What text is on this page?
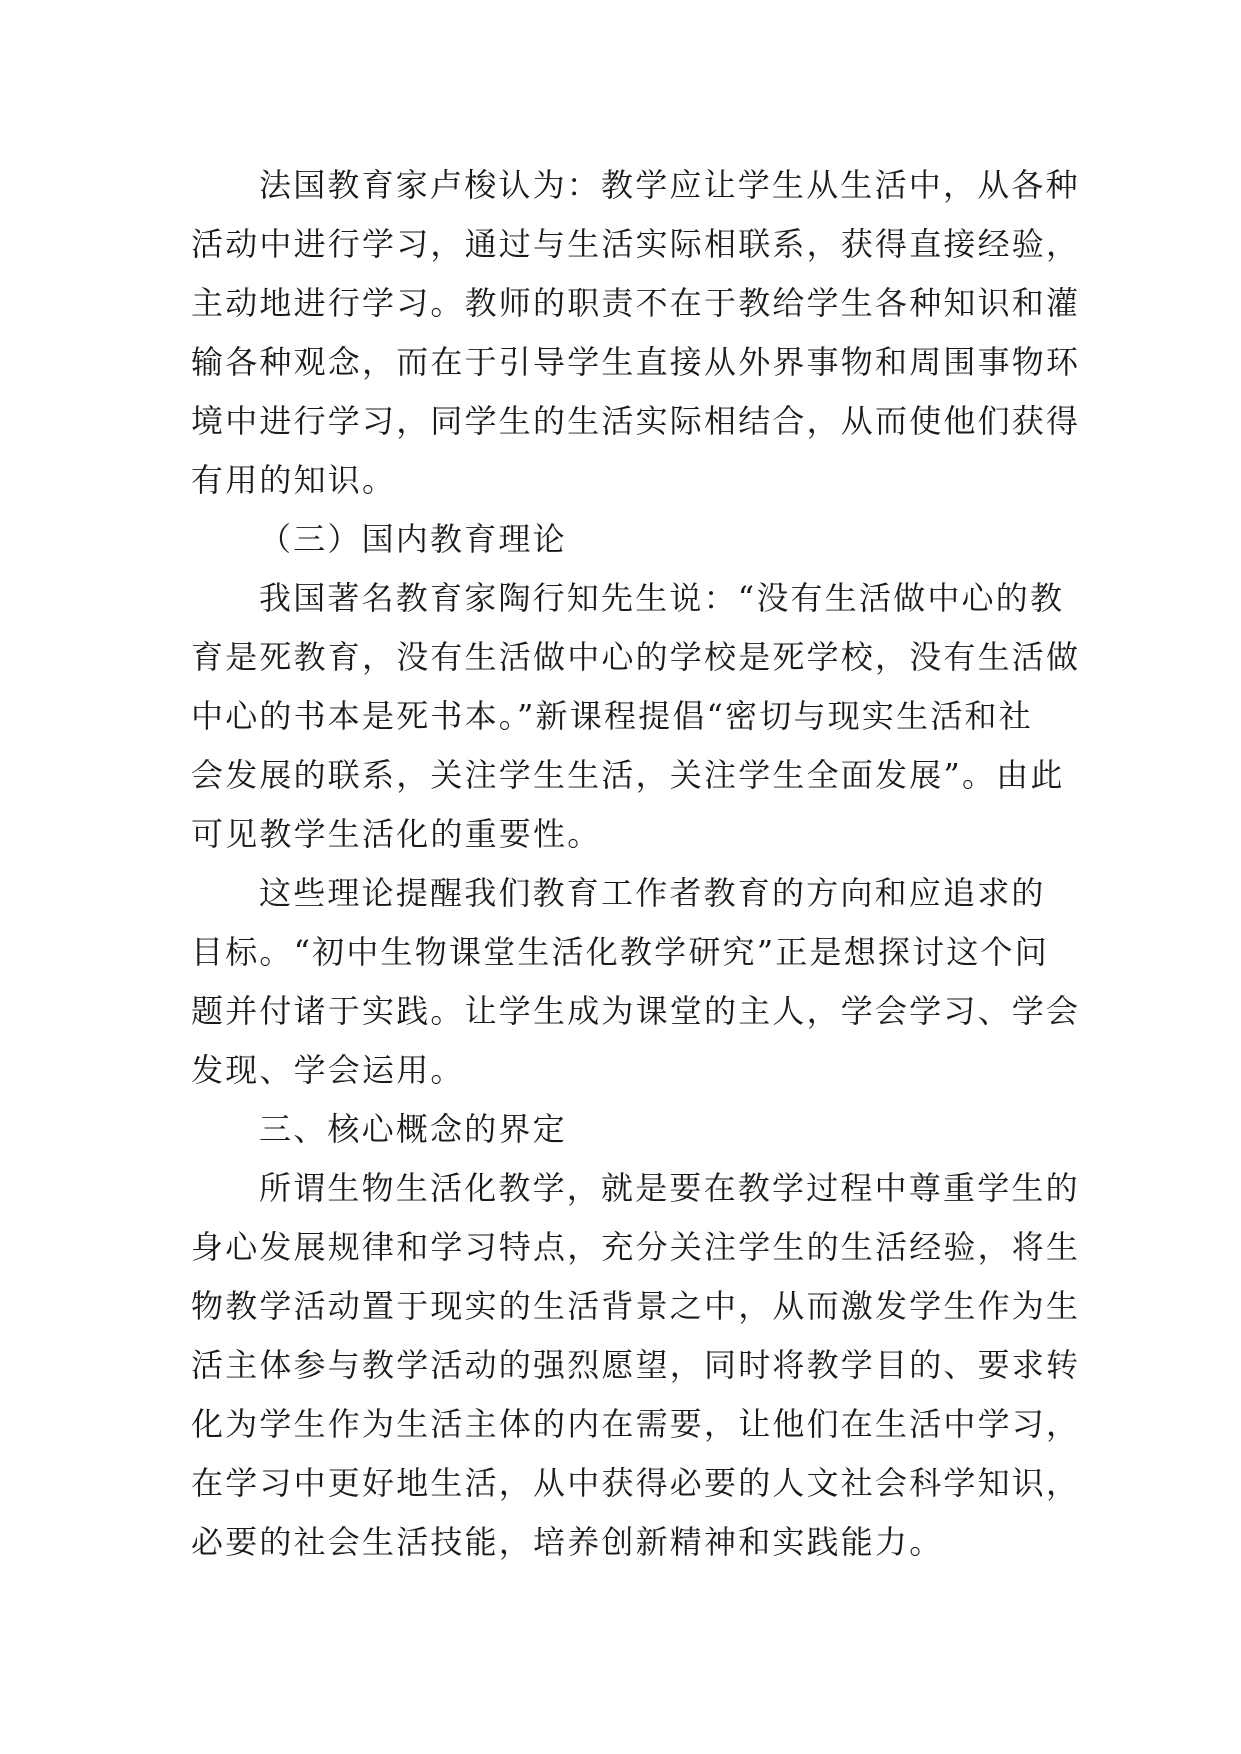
法国教育家卢梭认为：教学应让学生从生活中，从各种
活动中进行学习，通过与生活实际相联系，获得直接经验，
主动地进行学习。教师的职责不在于教给学生各种知识和灌
输各种观念，而在于引导学生直接从外界事物和周围事物环
境中进行学习，同学生的生活实际相结合，从而使他们获得
有用的知识。
（三）国内教育理论
我国著名教育家陶行知先生说：“没有生活做中心的教
育是死教育，没有生活做中心的学校是死学校，没有生活做
中心的书本是死书本。”新课程提倡“密切与现实生活和社
会发展的联系，关注学生生活，关注学生全面发展”。由此
可见教学生活化的重要性。
这些理论提醒我们教育工作者教育的方向和应追求的
目标。“初中生物课堂生活化教学研究”正是想探讨这个问
题并付诸于实践。让学生成为课堂的主人，学会学习、学会
发现、学会运用。
三、核心概念的界定
所谓生物生活化教学，就是要在教学过程中尊重学生的
身心发展规律和学习特点，充分关注学生的生活经验，将生
物教学活动置于现实的生活背景之中，从而激发学生作为生
活主体参与教学活动的强烈愿望，同时将教学目的、要求转
化为学生作为生活主体的内在需要，让他们在生活中学习，
在学习中更好地生活，从中获得必要的人文社会科学知识，
必要的社会生活技能，培养创新精神和实践能力。
